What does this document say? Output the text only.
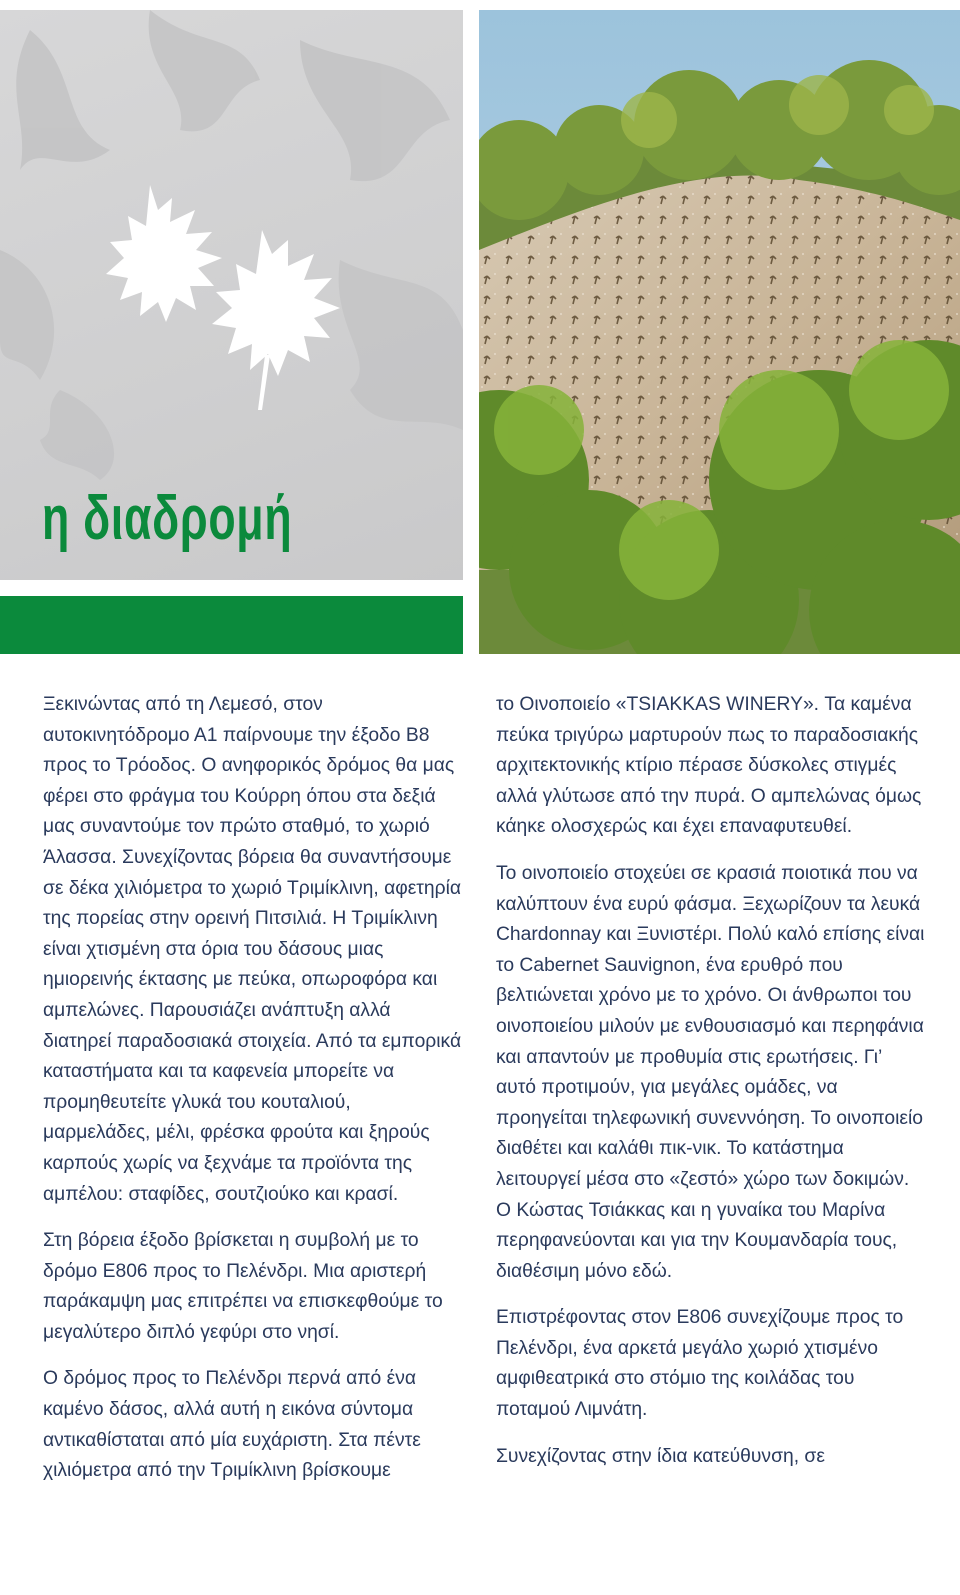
η διαδρομή

Ξεκινώντας από τη Λεμεσό, στον αυτοκινητόδρομο Α1 παίρνουμε την έξοδο Β8 προς το Τρόοδος. Ο ανηφορικός δρόμος θα μας φέρει στο φράγμα του Κούρρη όπου στα δεξιά μας συναντούμε τον πρώτο σταθμό, το χωριό Άλασσα. Συνεχίζοντας βόρεια θα συναντήσουμε σε δέκα χιλιόμετρα το χωριό Τριμίκλινη, αφετηρία της πορείας στην ορεινή Πιτσιλιά. Η Τριμίκλινη είναι χτισμένη στα όρια του δάσους μιας ημιορεινής έκτασης με πεύκα, οπωροφόρα και αμπελώνες. Παρουσιάζει ανάπτυξη αλλά διατηρεί παραδοσιακά στοιχεία. Από τα εμπορικά καταστήματα και τα καφενεία μπορείτε να προμηθευτείτε γλυκά του κουταλιού, μαρμελάδες, μέλι, φρέσκα φρούτα και ξηρούς καρπούς χωρίς να ξεχνάμε τα προϊόντα της αμπέλου: σταφίδες, σουτζιούκο και κρασί.

Στη βόρεια έξοδο βρίσκεται η συμβολή με το δρόμο Ε806 προς το Πελένδρι. Μια αριστερή παράκαμψη μας επιτρέπει να επισκεφθούμε το μεγαλύτερο διπλό γεφύρι στο νησί.

Ο δρόμος προς το Πελένδρι περνά από ένα καμένο δάσος, αλλά αυτή η εικόνα σύντομα αντικαθίσταται από μία ευχάριστη. Στα πέντε χιλιόμετρα από την Τριμίκλινη βρίσκουμε

το Οινοποιείο «TSIAKKAS WINERY». Τα καμένα πεύκα τριγύρω μαρτυρούν πως το παραδοσιακής αρχιτεκτονικής κτίριο πέρασε δύσκολες στιγμές αλλά γλύτωσε από την πυρά. Ο αμπελώνας όμως κάηκε ολοσχερώς και έχει επαναφυτευθεί.

Το οινοποιείο στοχεύει σε κρασιά ποιοτικά που να καλύπτουν ένα ευρύ φάσμα. Ξεχωρίζουν τα λευκά Chardonnay και Ξυνιστέρι. Πολύ καλό επίσης είναι το Cabernet Sauvignon, ένα ερυθρό που βελτιώνεται χρόνο με το χρόνο. Οι άνθρωποι του οινοποιείου μιλούν με ενθουσιασμό και περηφάνια και απαντούν με προθυμία στις ερωτήσεις. Γι’ αυτό προτιμούν, για μεγάλες ομάδες, να προηγείται τηλεφωνική συνεννόηση. Το οινοποιείο διαθέτει και καλάθι πικ-νικ. Το κατάστημα λειτουργεί μέσα στο «ζεστό» χώρο των δοκιμών. Ο Κώστας Τσιάκκας και η γυναίκα του Μαρίνα περηφανεύονται και για την Κουμανδαρία τους, διαθέσιμη μόνο εδώ.

Επιστρέφοντας στον Ε806 συνεχίζουμε προς το Πελένδρι, ένα αρκετά μεγάλο χωριό χτισμένο αμφιθεατρικά στο στόμιο της κοιλάδας του ποταμού Λιμνάτη.

Συνεχίζοντας στην ίδια κατεύθυνση, σε
